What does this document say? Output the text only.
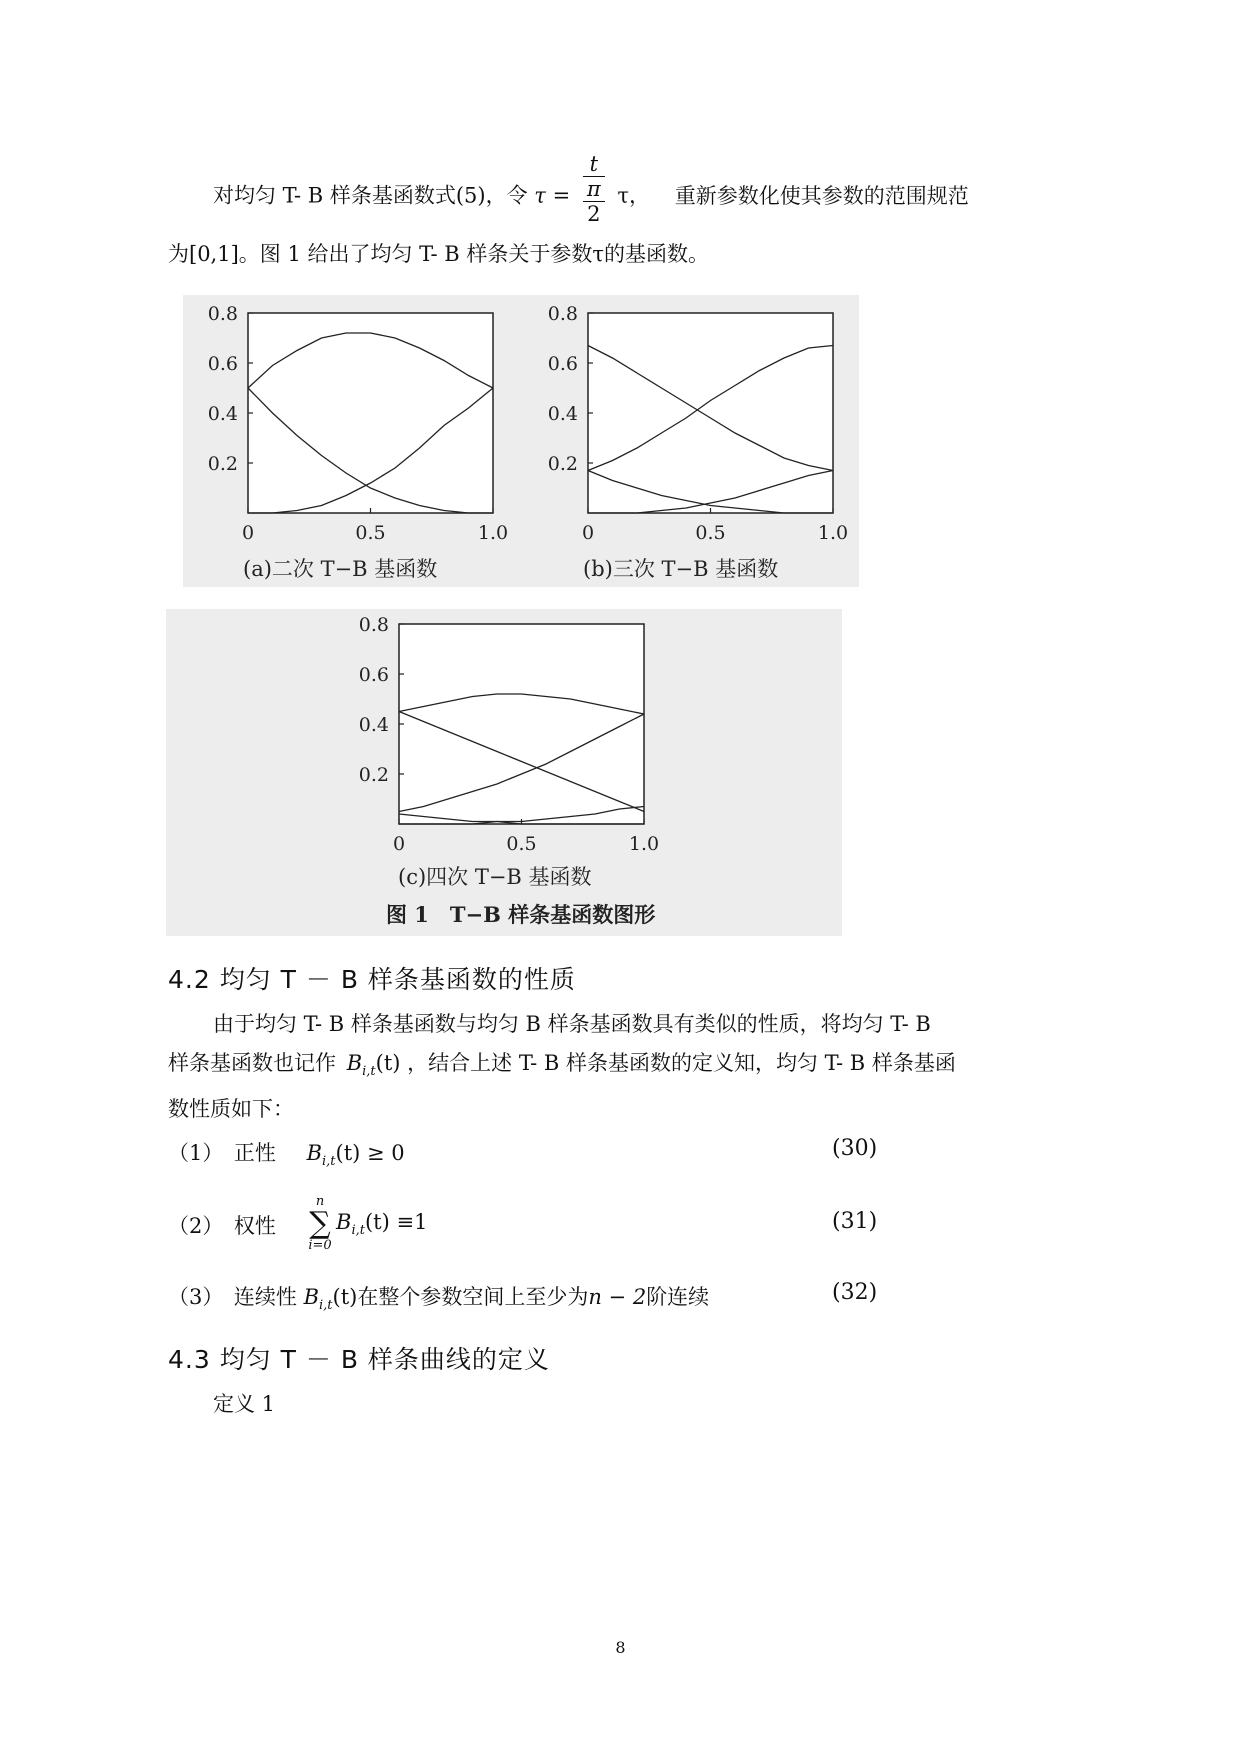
对均匀 T- B 样条基函数式(5)，令 τ =
t
π
2
τ， 重新参数化使其参数的范围规范
为[0,1]。图 1 给出了均匀 T- B 样条关于参数τ的基函数。
0.2
0.4
0.6
0.8
0	0.5	1.0
0.2
0.4
0.6
0.8
0	0.5	1.0
(a)二次 T−B 基函数	(b)三次 T−B 基函数
0.2
0.4
0.6
0.8
0	0.5	1.0
(c)四次 T−B 基函数
图 1　T−B 样条基函数图形
4.2 均匀 T － B 样条基函数的性质
由于均匀 T- B 样条基函数与均匀 B 样条基函数具有类似的性质，将均匀 T- B
样条基函数也记作 $B_{i,t}(t)$ ，结合上述 T- B 样条基函数的定义知，均匀 T- B 样条基函
数性质如下：
（1）　正性 $B_{i,t}(t) \ge 0$	(30)
（2）　权性
n
∑
i=0
$B_{i,t}(t) \equiv 1$	(31)
（3）　连续性 $B_{i,t}(t)$在整个参数空间上至少为n − 2阶连续	(32)
4.3 均匀 T － B 样条曲线的定义
定义 1
8
